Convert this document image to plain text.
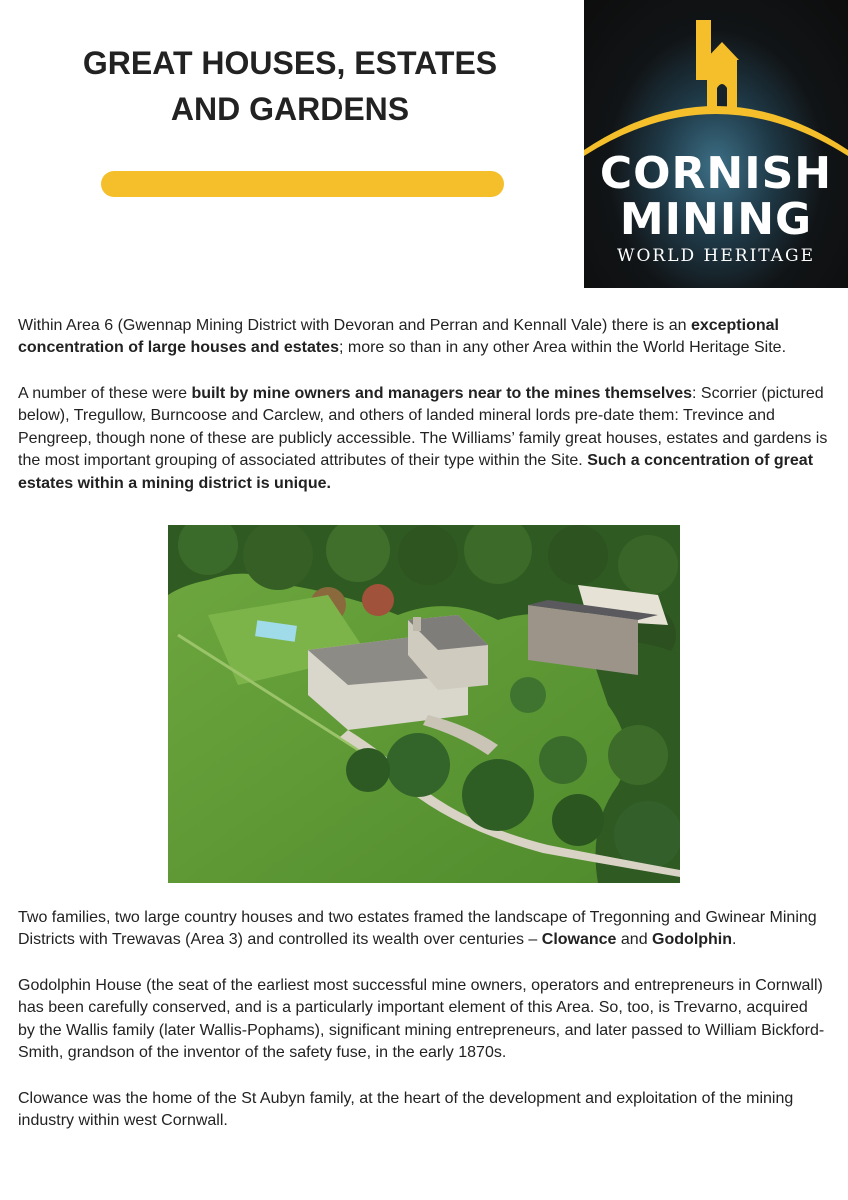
GREAT HOUSES, ESTATES
AND GARDENS
CORNISH
MINING
WORLD HERITAGE

Within Area 6 (Gwennap Mining District with Devoran and Perran and Kennall Vale) there is an exceptional concentration of large houses and estates; more so than in any other Area within the World Heritage Site.

A number of these were built by mine owners and managers near to the mines themselves: Scorrier (pictured below), Tregullow, Burncoose and Carclew, and others of landed mineral lords pre-date them: Trevince and Pengreep, though none of these are publicly accessible. The Williams’ family great houses, estates and gardens is the most important grouping of associated attributes of their type within the Site. Such a concentration of great estates within a mining district is unique.

Two families, two large country houses and two estates framed the landscape of Tregonning and Gwinear Mining Districts with Trewavas (Area 3) and controlled its wealth over centuries – Clowance and Godolphin.

Godolphin House (the seat of the earliest most successful mine owners, operators and entrepreneurs in Cornwall) has been carefully conserved, and is a particularly important element of this Area. So, too, is Trevarno, acquired by the Wallis family (later Wallis-Pophams), significant mining entrepreneurs, and later passed to William Bickford-Smith, grandson of the inventor of the safety fuse, in the early 1870s.

Clowance was the home of the St Aubyn family, at the heart of the development and exploitation of the mining industry within west Cornwall.
